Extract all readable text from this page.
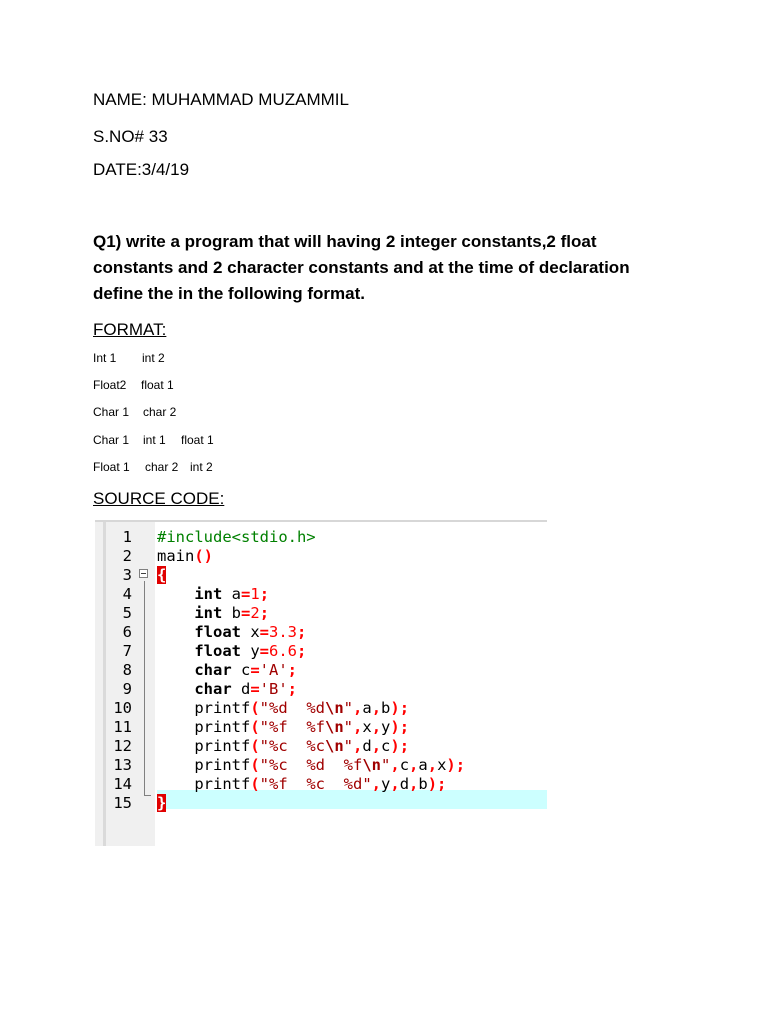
NAME: MUHAMMAD MUZAMMIL
S.NO# 33
DATE:3/4/19
Q1) write a program that will having 2 integer constants,2 float
constants and 2 character constants and at the time of declaration
define the in the following format.
FORMAT:
Int 1 int 2
Float2 float 1
Char 1 char 2
Char 1 int 1 float 1
Float 1 char 2 int 2
SOURCE CODE:
1 #include<stdio.h>
2 main()
3 {
4	int a=1;
5	int b=2;
6	float x=3.3;
7	float y=6.6;
8	char c='A';
9	char d='B';
10 printf("%d  %d\n",a,b);
11 printf("%f  %f\n",x,y);
12 printf("%c  %c\n",d,c);
13 printf("%c  %d  %f\n",c,a,x);
14 printf("%f  %c  %d",y,d,b);
15 }
